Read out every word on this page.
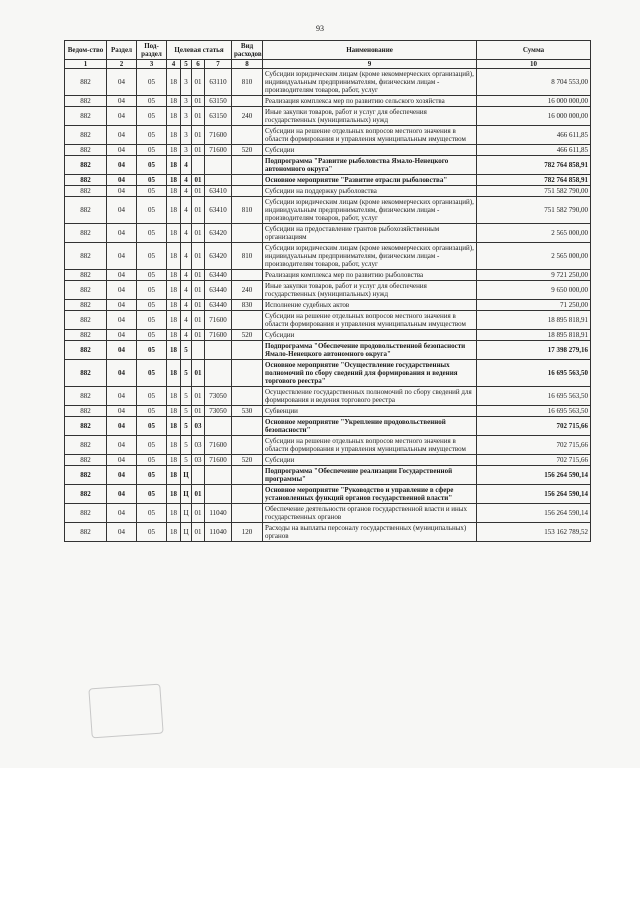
93
Ведом-ство	Раздел	Под-раздел	Целевая статья				Вид расходов	Наименование	Сумма
1	2	3	4	5	6	7	8	9	10
882	04	05	18	3	01	63110	810	Субсидии юридическим лицам (кроме некоммерческих организаций), индивидуальным предпринимателям, физическим лицам - производителям товаров, работ, услуг	8 704 553,00
882	04	05	18	3	01	63150		Реализация комплекса мер по развитию сельского хозяйства	16 000 000,00
882	04	05	18	3	01	63150	240	Иные закупки товаров, работ и услуг для обеспечения государственных (муниципальных) нужд	16 000 000,00
882	04	05	18	3	01	71600		Субсидии на решение отдельных вопросов местного значения в области формирования и управления муниципальным имуществом	466 611,85
882	04	05	18	3	01	71600	520	Субсидии	466 611,85
882	04	05	18	4				Подпрограмма "Развитие рыболовства Ямало-Ненецкого автономного округа"	782 764 858,91
882	04	05	18	4	01			Основное мероприятие "Развитие отрасли рыболовства"	782 764 858,91
882	04	05	18	4	01	63410		Субсидии на поддержку рыболовства	751 582 790,00
882	04	05	18	4	01	63410	810	Субсидии юридическим лицам (кроме некоммерческих организаций), индивидуальным предпринимателям, физическим лицам - производителям товаров, работ, услуг	751 582 790,00
882	04	05	18	4	01	63420		Субсидии на предоставление грантов рыбохозяйственным организациям	2 565 000,00
882	04	05	18	4	01	63420	810	Субсидии юридическим лицам (кроме некоммерческих организаций), индивидуальным предпринимателям, физическим лицам - производителям товаров, работ, услуг	2 565 000,00
882	04	05	18	4	01	63440		Реализация комплекса мер по развитию рыболовства	9 721 250,00
882	04	05	18	4	01	63440	240	Иные закупки товаров, работ и услуг для обеспечения государственных (муниципальных) нужд	9 650 000,00
882	04	05	18	4	01	63440	830	Исполнение судебных актов	71 250,00
882	04	05	18	4	01	71600		Субсидии на решение отдельных вопросов местного значения в области формирования и управления муниципальным имуществом	18 895 818,91
882	04	05	18	4	01	71600	520	Субсидии	18 895 818,91
882	04	05	18	5				Подпрограмма "Обеспечение продовольственной безопасности Ямало-Ненецкого автономного округа"	17 398 279,16
882	04	05	18	5	01			Основное мероприятие "Осуществление государственных полномочий по сбору сведений для формирования и ведения торгового реестра"	16 695 563,50
882	04	05	18	5	01	73050		Осуществление государственных полномочий по сбору сведений для формирования и ведения торгового реестра	16 695 563,50
882	04	05	18	5	01	73050	530	Субвенции	16 695 563,50
882	04	05	18	5	03			Основное мероприятие "Укрепление продовольственной безопасности"	702 715,66
882	04	05	18	5	03	71600		Субсидии на решение отдельных вопросов местного значения в области формирования и управления муниципальным имуществом	702 715,66
882	04	05	18	5	03	71600	520	Субсидии	702 715,66
882	04	05	18	Ц				Подпрограмма "Обеспечение реализации Государственной программы"	156 264 590,14
882	04	05	18	Ц	01			Основное мероприятие "Руководство и управление в сфере установленных функций органов государственной власти"	156 264 590,14
882	04	05	18	Ц	01	11040		Обеспечение деятельности органов государственной власти и иных государственных органов	156 264 590,14
882	04	05	18	Ц	01	11040	120	Расходы на выплаты персоналу государственных (муниципальных) органов	153 162 789,52
